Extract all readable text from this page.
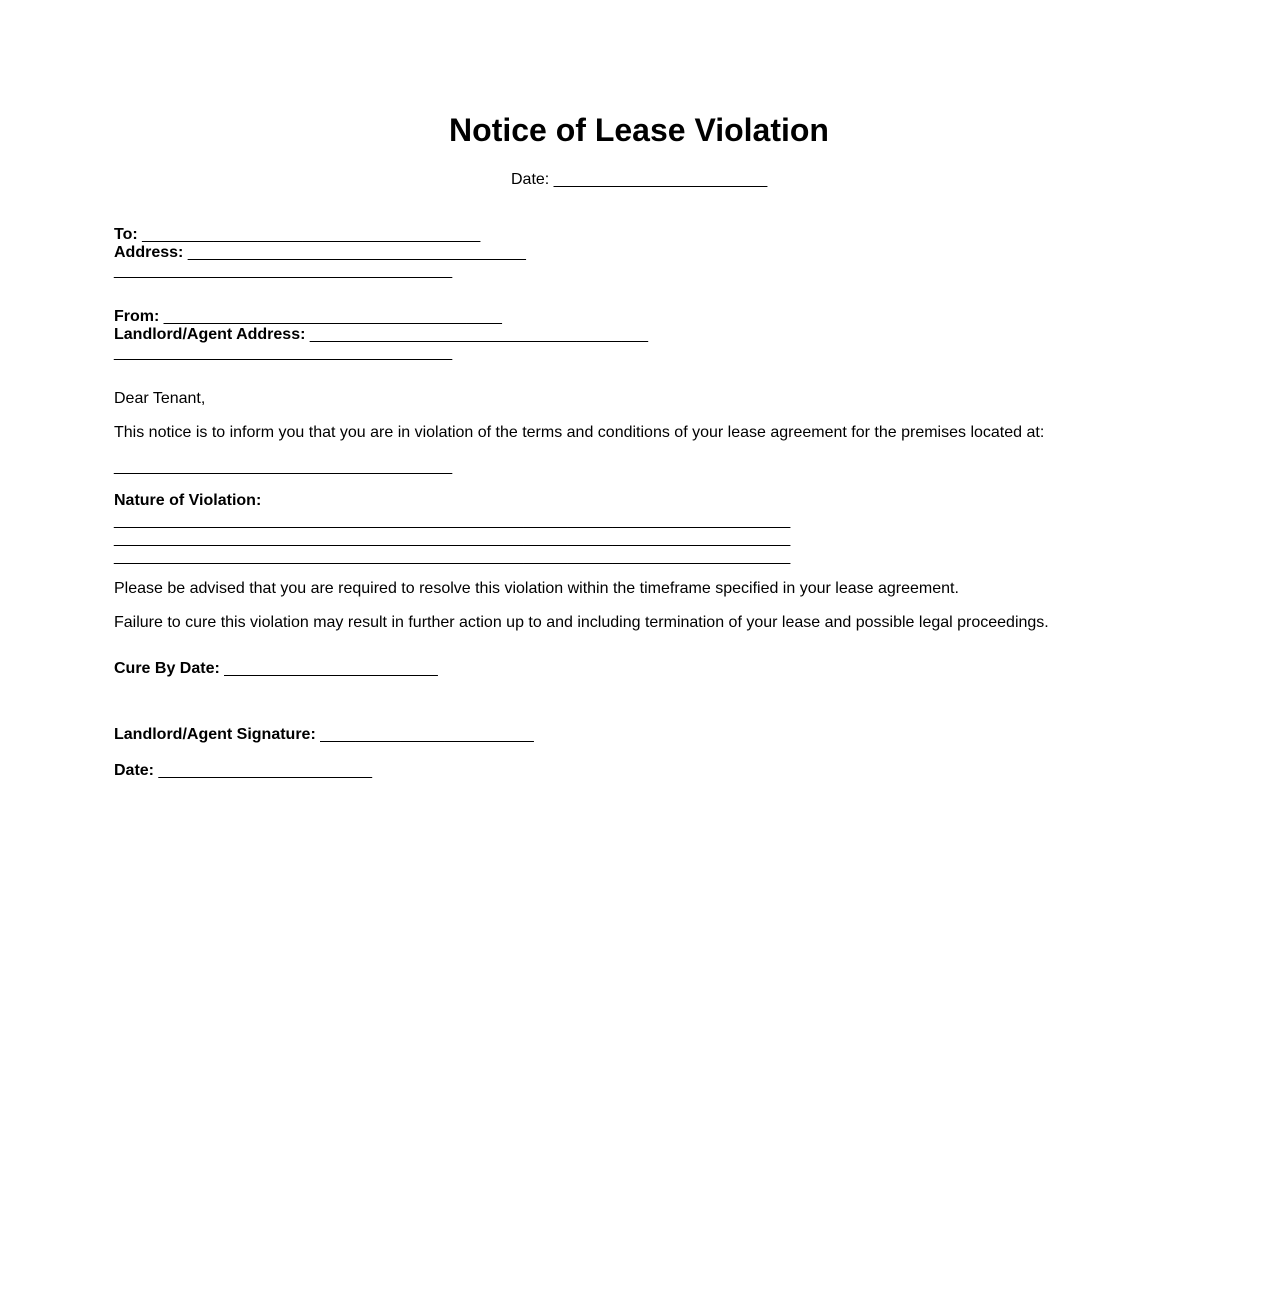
Notice of Lease Violation
Date: ________________________
To: ______________________________________
Address: ______________________________________
______________________________________
From: ______________________________________
Landlord/Agent Address: ______________________________________
______________________________________
Dear Tenant,
This notice is to inform you that you are in violation of the terms and conditions of your lease agreement for the premises located at:
______________________________________
Nature of Violation:
____________________________________________________________________________
____________________________________________________________________________
____________________________________________________________________________
Please be advised that you are required to resolve this violation within the timeframe specified in your lease agreement.
Failure to cure this violation may result in further action up to and including termination of your lease and possible legal proceedings.
Cure By Date: ________________________
Landlord/Agent Signature: ________________________
Date: ________________________
